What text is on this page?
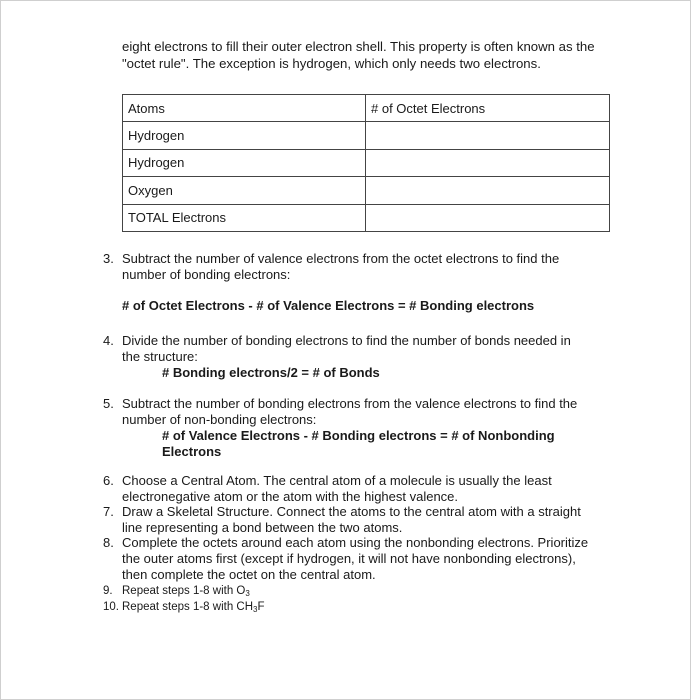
eight electrons to fill their outer electron shell. This property is often known as the
"octet rule". The exception is hydrogen, which only needs two electrons.
Atoms	# of Octet Electrons
Hydrogen	
Hydrogen	
Oxygen	
TOTAL Electrons	
3. Subtract the number of valence electrons from the octet electrons to find the
number of bonding electrons:
# of Octet Electrons - # of Valence Electrons = # Bonding electrons
4. Divide the number of bonding electrons to find the number of bonds needed in
the structure:
# Bonding electrons/2 = # of Bonds
5. Subtract the number of bonding electrons from the valence electrons to find the
number of non-bonding electrons:
# of Valence Electrons - # Bonding electrons = # of Nonbonding
Electrons
6. Choose a Central Atom. The central atom of a molecule is usually the least
electronegative atom or the atom with the highest valence.
7. Draw a Skeletal Structure. Connect the atoms to the central atom with a straight
line representing a bond between the two atoms.
8. Complete the octets around each atom using the nonbonding electrons. Prioritize
the outer atoms first (except if hydrogen, it will not have nonbonding electrons),
then complete the octet on the central atom.
9. Repeat steps 1-8 with $O_3$
10. Repeat steps 1-8 with $CH_3F$
